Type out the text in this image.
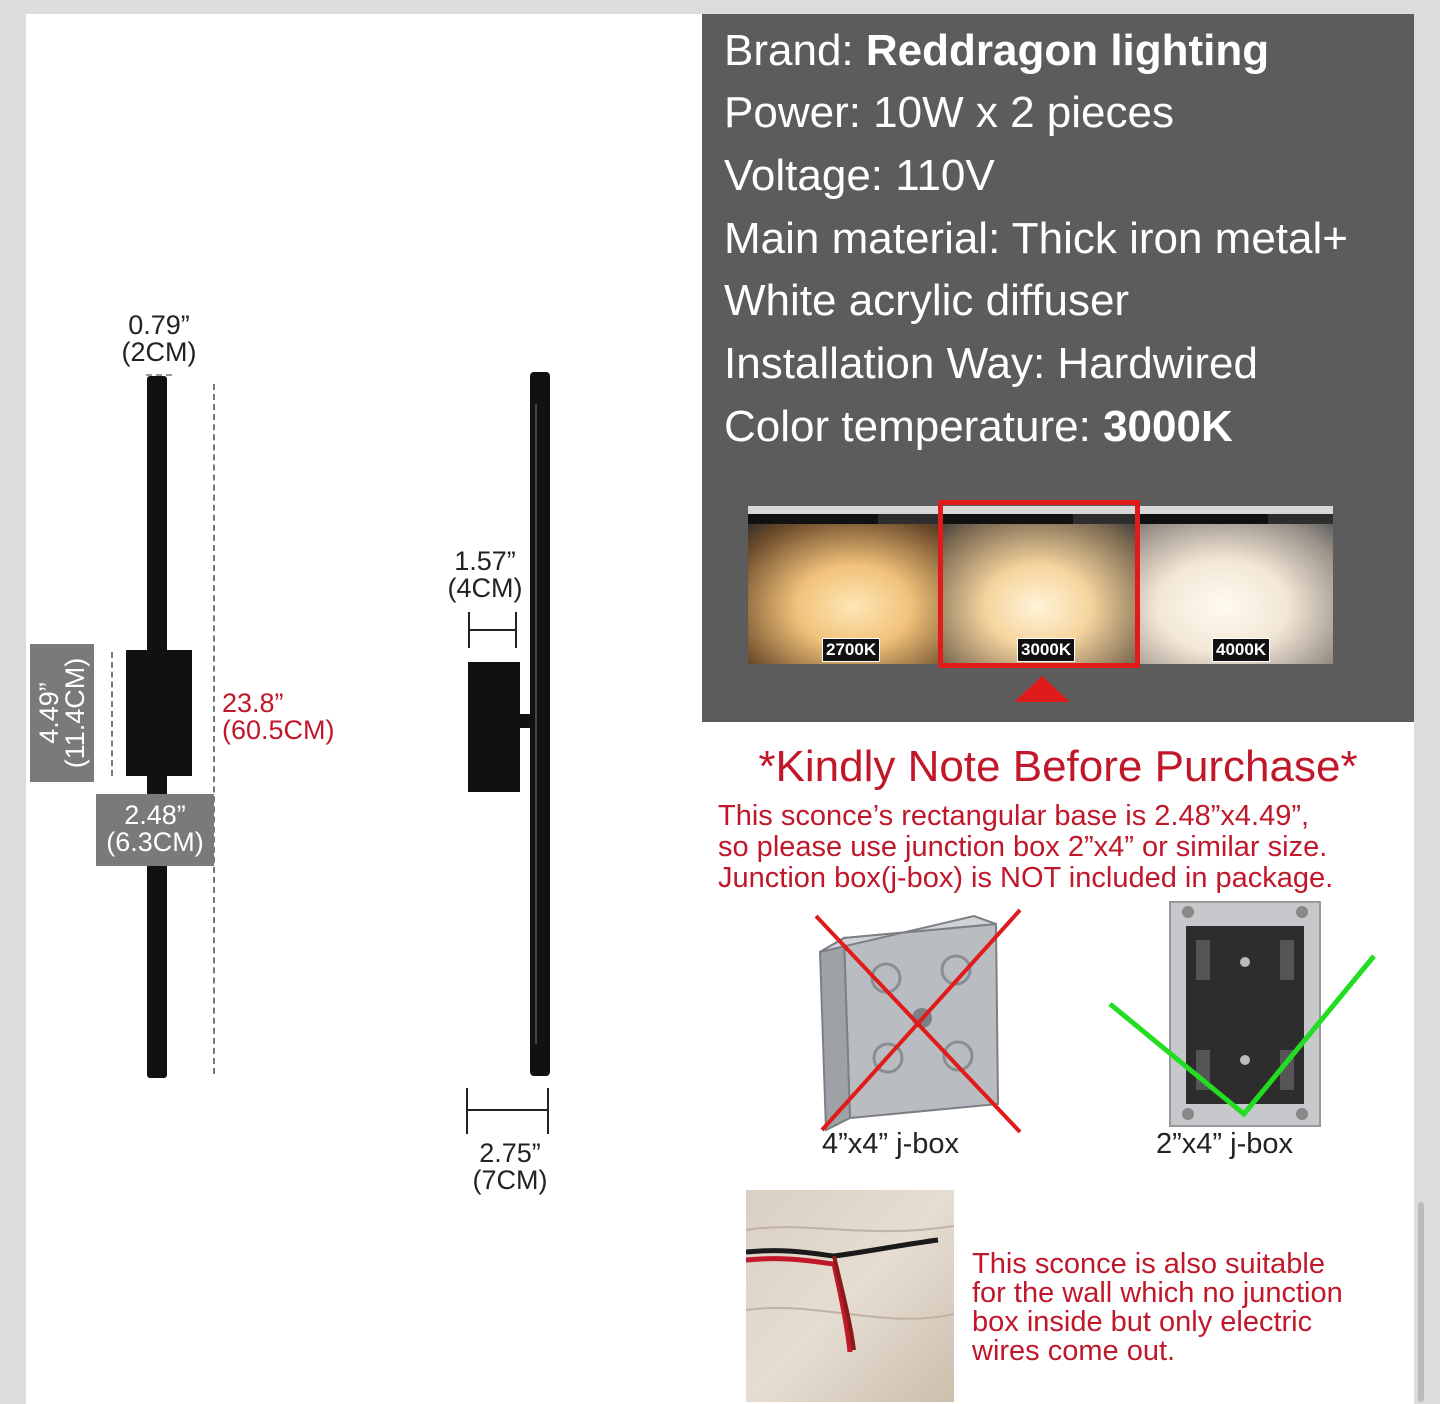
0.79”
(2CM)
4.49”
(11.4CM)	23.8”
(60.5CM)
2.48”
(6.3CM)
1.57”
(4CM)
2.75”
(7CM)
Brand: Reddragon lighting
Power: 10W x 2 pieces
Voltage: 110V
Main material: Thick iron metal+
White acrylic diffuser
Installation Way: Hardwired
Color temperature: 3000K
2700K	3000K	4000K
*Kindly Note Before Purchase*
This sconce’s rectangular base is 2.48”x4.49”,
so please use junction box 2”x4” or similar size.
Junction box(j-box) is NOT included in package.
4”x4” j-box	2”x4” j-box
This sconce is also suitable
for the wall which no junction
box inside but only electric
wires come out.
